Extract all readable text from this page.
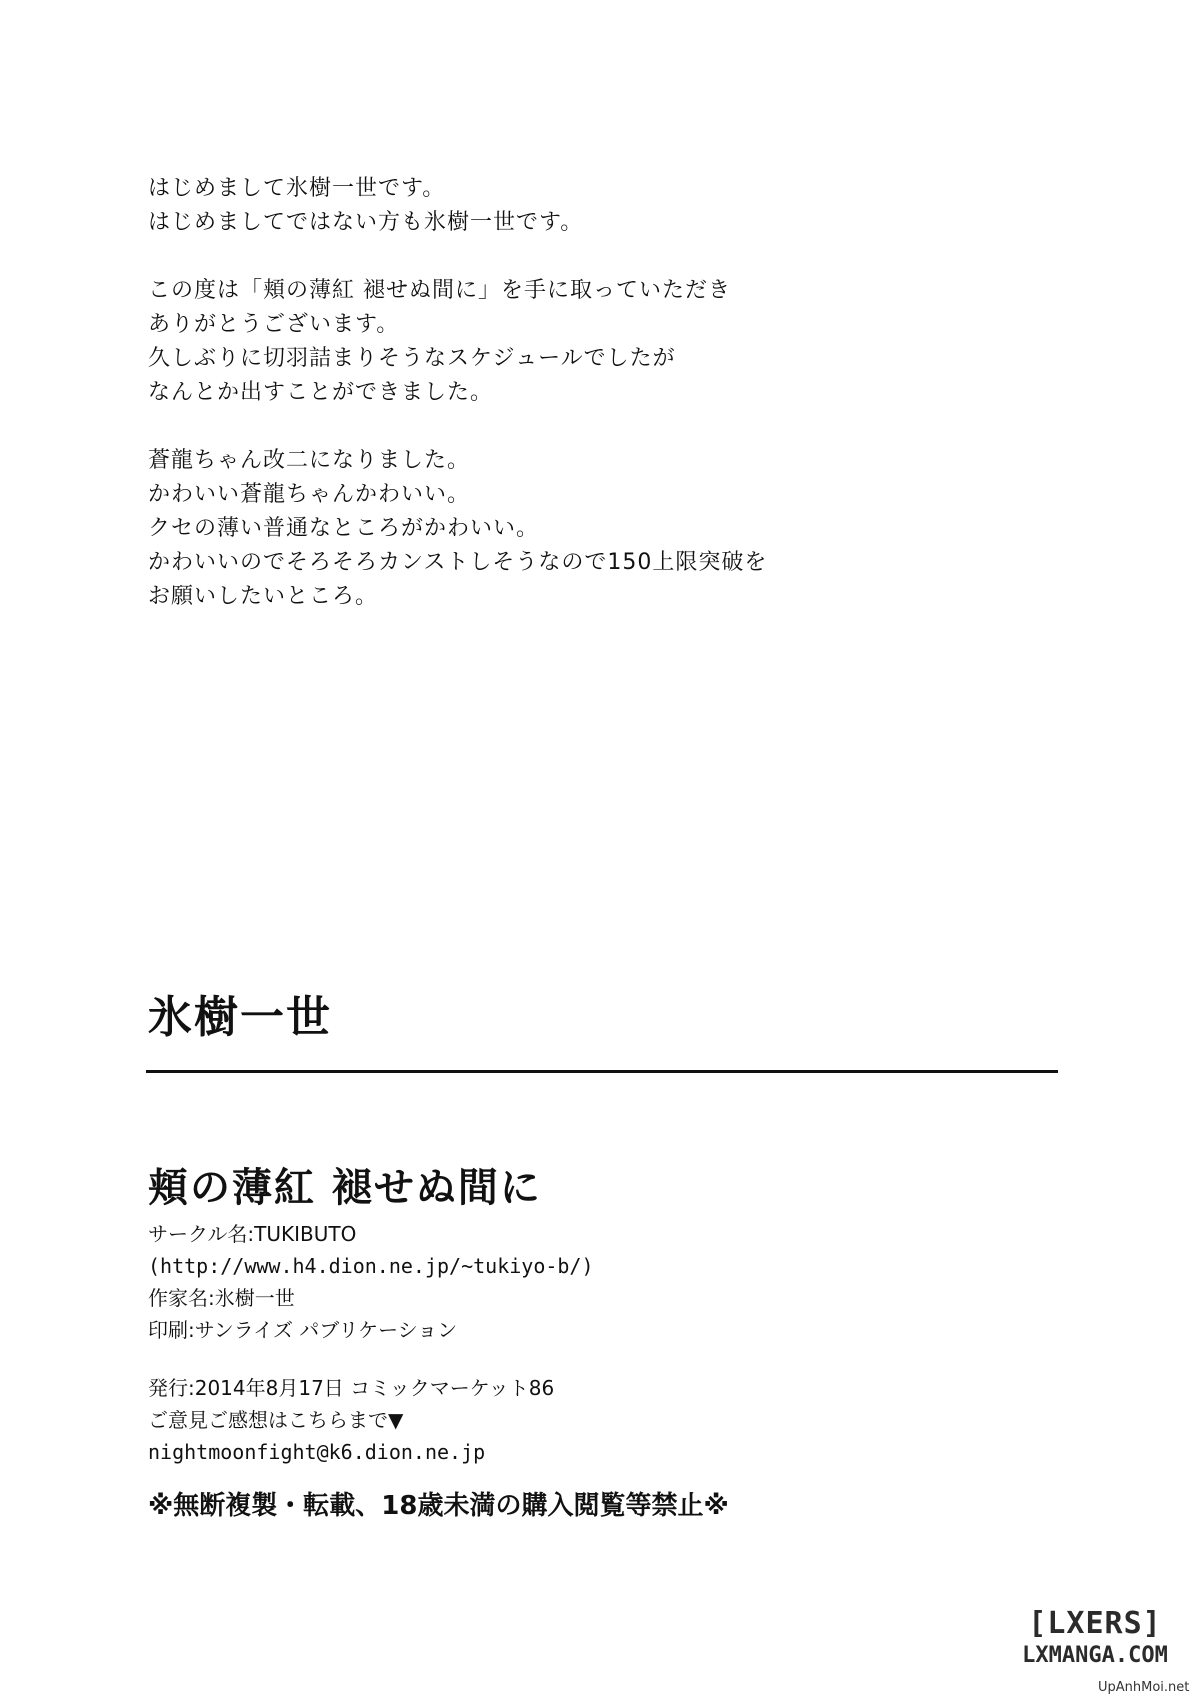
はじめまして氷樹一世です。
はじめましてではない方も氷樹一世です。
この度は「頬の薄紅 褪せぬ間に」を手に取っていただき
ありがとうございます。
久しぶりに切羽詰まりそうなスケジュールでしたが
なんとか出すことができました。
蒼龍ちゃん改二になりました。
かわいい蒼龍ちゃんかわいい。
クセの薄い普通なところがかわいい。
かわいいのでそろそろカンストしそうなので150上限突破を
お願いしたいところ。
氷樹一世
頬の薄紅 褪せぬ間に
サークル名:TUKIBUTO
(http://www.h4.dion.ne.jp/~tukiyo-b/)
作家名:氷樹一世
印刷:サンライズ パブリケーション
発行:2014年8月17日 コミックマーケット86
ご意見ご感想はこちらまで▼
nightmoonfight@k6.dion.ne.jp
※無断複製・転載、18歳未満の購入閲覧等禁止※
[LXERS]
LXMANGA.COM
UpAnhMoi.net
